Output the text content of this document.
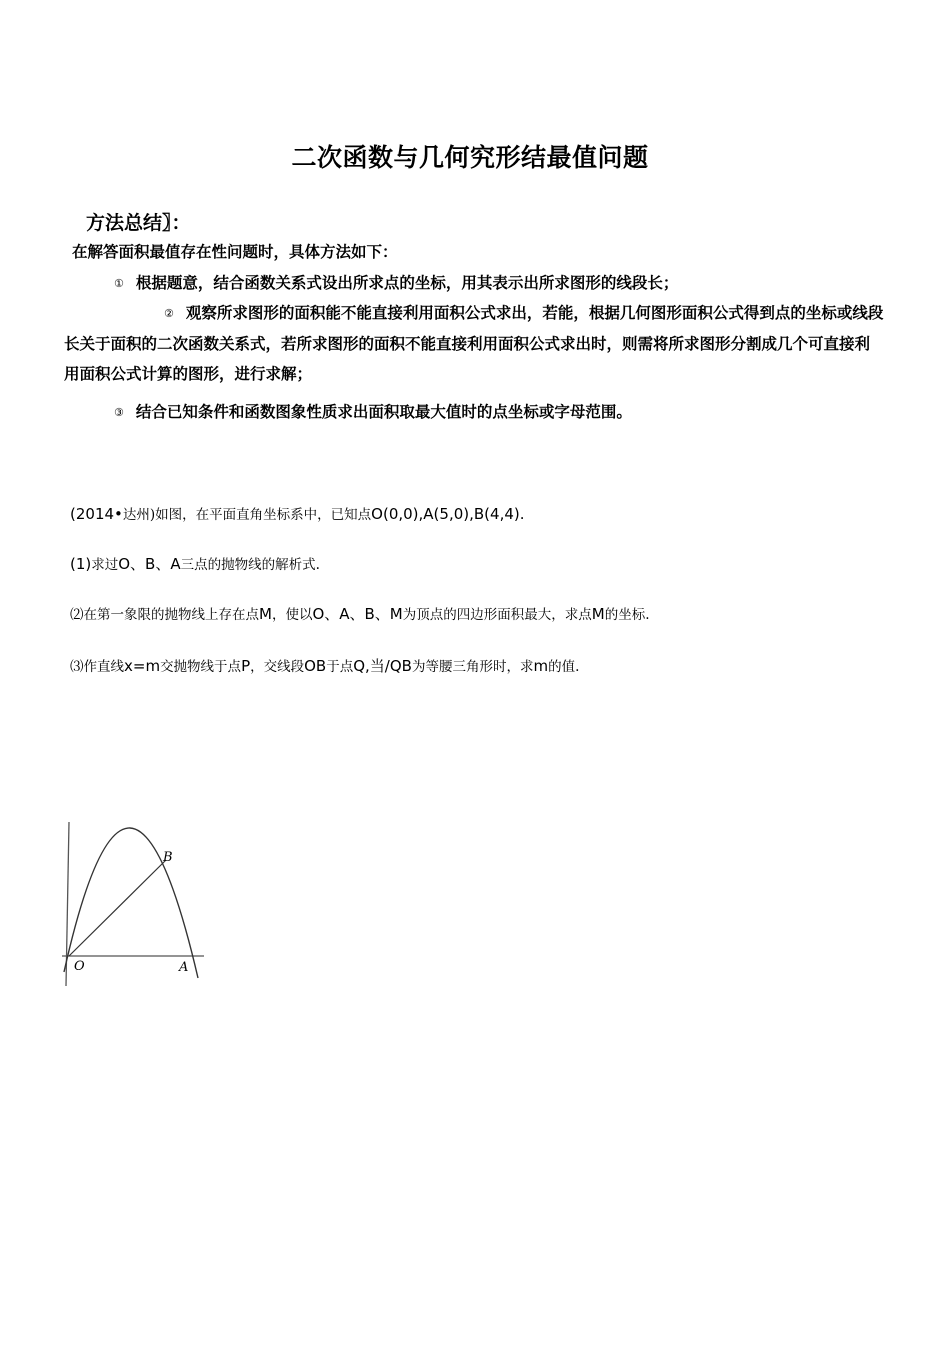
二次函数与几何究形结最值问题
方法总结〗：
在解答面积最值存在性问题时，具体方法如下：
① 根据题意，结合函数关系式设出所求点的坐标，用其表示出所求图形的线段长；
② 观察所求图形的面积能不能直接利用面积公式求出，若能，根据几何图形面积公式得到点的坐标或线段长关于面积的二次函数关系式，若所求图形的面积不能直接利用面积公式求出时，则需将所求图形分割成几个可直接利用面积公式计算的图形，进行求解；
③ 结合已知条件和函数图象性质求出面积取最大值时的点坐标或字母范围。
(2014•达州)如图，在平面直角坐标系中，已知点O(0,0),A(5,0),B(4,4).
(1)求过O、B、A三点的抛物线的解析式.
⑵在第一象限的抛物线上存在点M，使以O、A、B、M为顶点的四边形面积最大，求点M的坐标.
⑶作直线x=m交抛物线于点P，交线段OB于点Q,当/QB为等腰三角形时，求m的值.
O	A
B
